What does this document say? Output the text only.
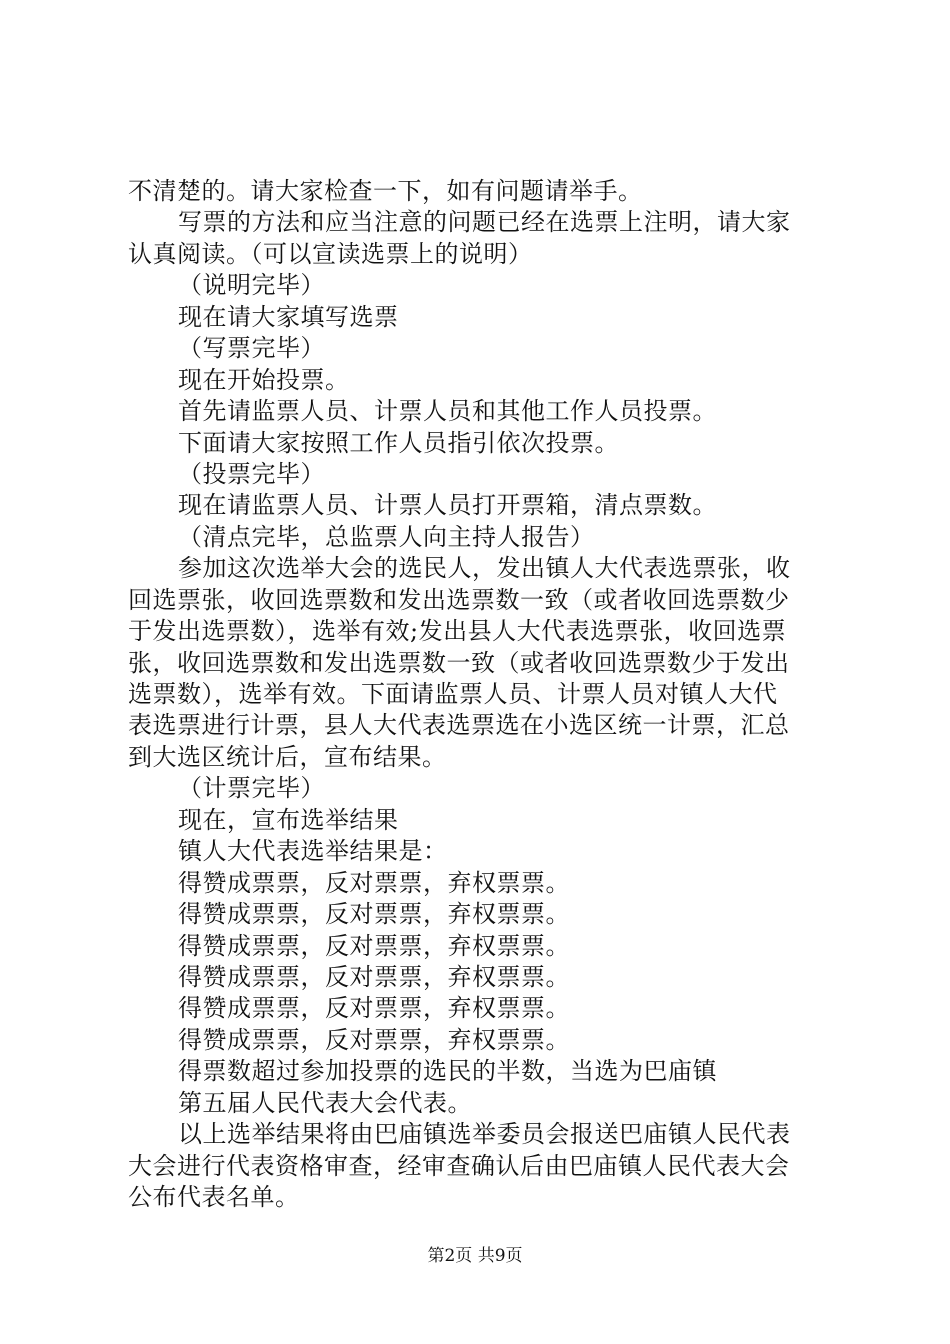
不清楚的。请大家检查一下，如有问题请举手。
写票的方法和应当注意的问题已经在选票上注明，请大家
认真阅读。（可以宣读选票上的说明）
（说明完毕）
现在请大家填写选票
（写票完毕）
现在开始投票。
首先请监票人员、计票人员和其他工作人员投票。
下面请大家按照工作人员指引依次投票。
（投票完毕）
现在请监票人员、计票人员打开票箱，清点票数。
（清点完毕，总监票人向主持人报告）
参加这次选举大会的选民人，发出镇人大代表选票张，收
回选票张，收回选票数和发出选票数一致（或者收回选票数少
于发出选票数），选举有效;发出县人大代表选票张，收回选票
张，收回选票数和发出选票数一致（或者收回选票数少于发出
选票数），选举有效。下面请监票人员、计票人员对镇人大代
表选票进行计票，县人大代表选票选在小选区统一计票，汇总
到大选区统计后，宣布结果。
（计票完毕）
现在，宣布选举结果
镇人大代表选举结果是：
得赞成票票，反对票票，弃权票票。
得赞成票票，反对票票，弃权票票。
得赞成票票，反对票票，弃权票票。
得赞成票票，反对票票，弃权票票。
得赞成票票，反对票票，弃权票票。
得赞成票票，反对票票，弃权票票。
得票数超过参加投票的选民的半数，当选为巴庙镇
第五届人民代表大会代表。
以上选举结果将由巴庙镇选举委员会报送巴庙镇人民代表
大会进行代表资格审查，经审查确认后由巴庙镇人民代表大会
公布代表名单。
第2页 共9页
